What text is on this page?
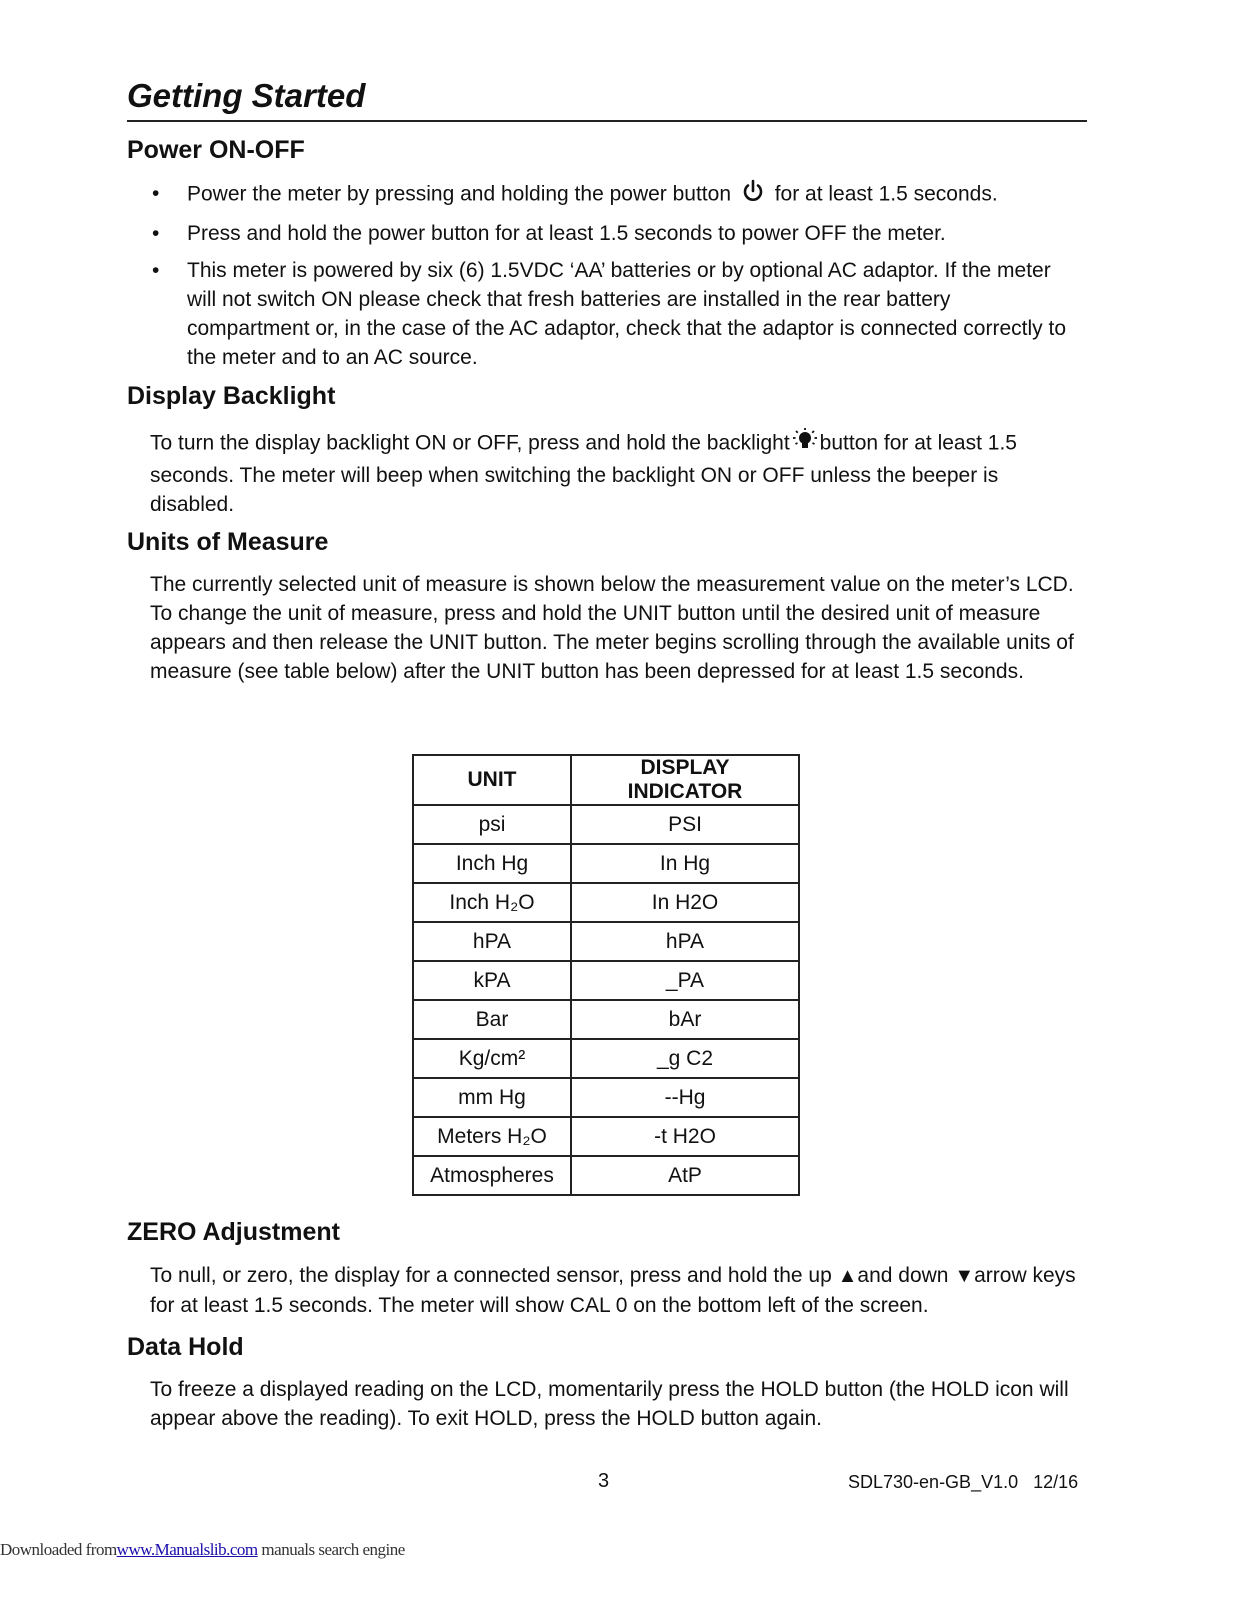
Getting Started
Power ON-OFF
• Power the meter by pressing and holding the power button for at least 1.5 seconds.
• Press and hold the power button for at least 1.5 seconds to power OFF the meter.
• This meter is powered by six (6) 1.5VDC ‘AA’ batteries or by optional AC adaptor. If the meter will not switch ON please check that fresh batteries are installed in the rear battery compartment or, in the case of the AC adaptor, check that the adaptor is connected correctly to the meter and to an AC source.
Display Backlight
To turn the display backlight ON or OFF, press and hold the backlight button for at least 1.5 seconds. The meter will beep when switching the backlight ON or OFF unless the beeper is disabled.
Units of Measure
The currently selected unit of measure is shown below the measurement value on the meter’s LCD. To change the unit of measure, press and hold the UNIT button until the desired unit of measure appears and then release the UNIT button. The meter begins scrolling through the available units of measure (see table below) after the UNIT button has been depressed for at least 1.5 seconds.
UNIT	DISPLAY INDICATOR
psi	PSI
Inch Hg	In Hg
Inch H₂O	In H2O
hPA	hPA
kPA	_PA
Bar	bAr
Kg/cm²	_g C2
mm Hg	--Hg
Meters H₂O	-t H2O
Atmospheres	AtP
ZERO Adjustment
To null, or zero, the display for a connected sensor, press and hold the up ▲and down ▼arrow keys for at least 1.5 seconds. The meter will show CAL 0 on the bottom left of the screen.
Data Hold
To freeze a displayed reading on the LCD, momentarily press the HOLD button (the HOLD icon will appear above the reading). To exit HOLD, press the HOLD button again.
3	SDL730-en-GB_V1.0   12/16
Downloaded fromwww.Manualslib.com manuals search engine
